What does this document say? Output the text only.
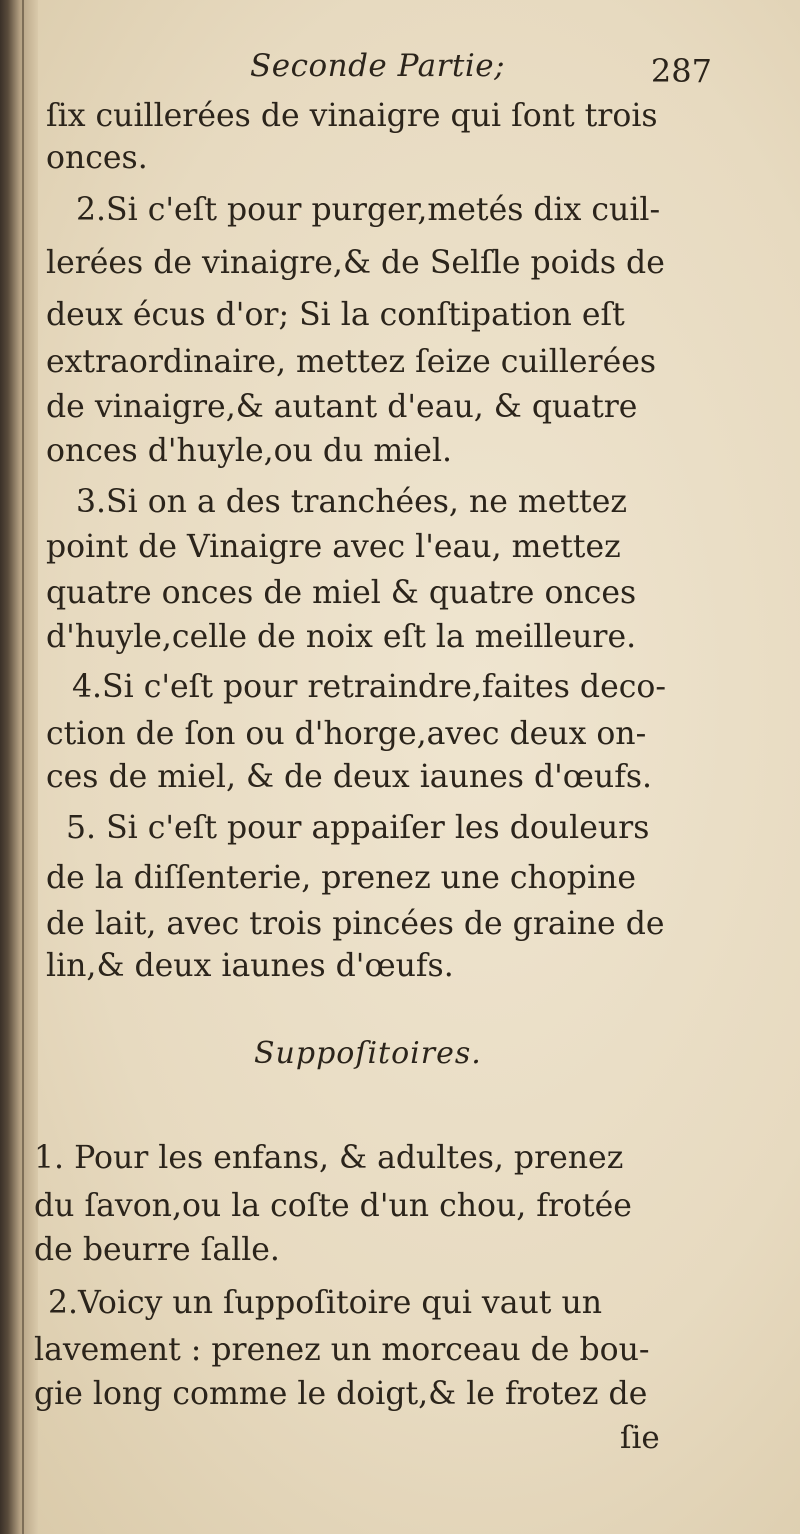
Seconde Partie;	287
ſix cuillerées de vinaigre qui ſont trois
onces.
2.Si c'eſt pour purger,metés dix cuil-
lerées de vinaigre,& de Selſle poids de
deux écus d'or; Si la conſtipation eſt
extraordinaire, mettez ſeize cuillerées
de vinaigre,& autant d'eau, & quatre
onces d'huyle,ou du miel.
3.Si on a des tranchées, ne mettez
point de Vinaigre avec l'eau, mettez
quatre onces de miel & quatre onces
d'huyle,celle de noix eſt la meilleure.
4.Si c'eſt pour retraindre,faites deco-
ction de ſon ou d'horge,avec deux on-
ces de miel, & de deux iaunes d'œufs.
5. Si c'eſt pour appaiſer les douleurs
de la diſſenterie, prenez une chopine
de lait, avec trois pincées de graine de
lin,& deux iaunes d'œufs.
Suppoſitoires.
1. Pour les enfans, & adultes, prenez
du ſavon,ou la coſte d'un chou, frotée
de beurre ſalle.
2.Voicy un ſuppoſitoire qui vaut un
lavement : prenez un morceau de bou-
gie long comme le doigt,& le frotez de
ſie
